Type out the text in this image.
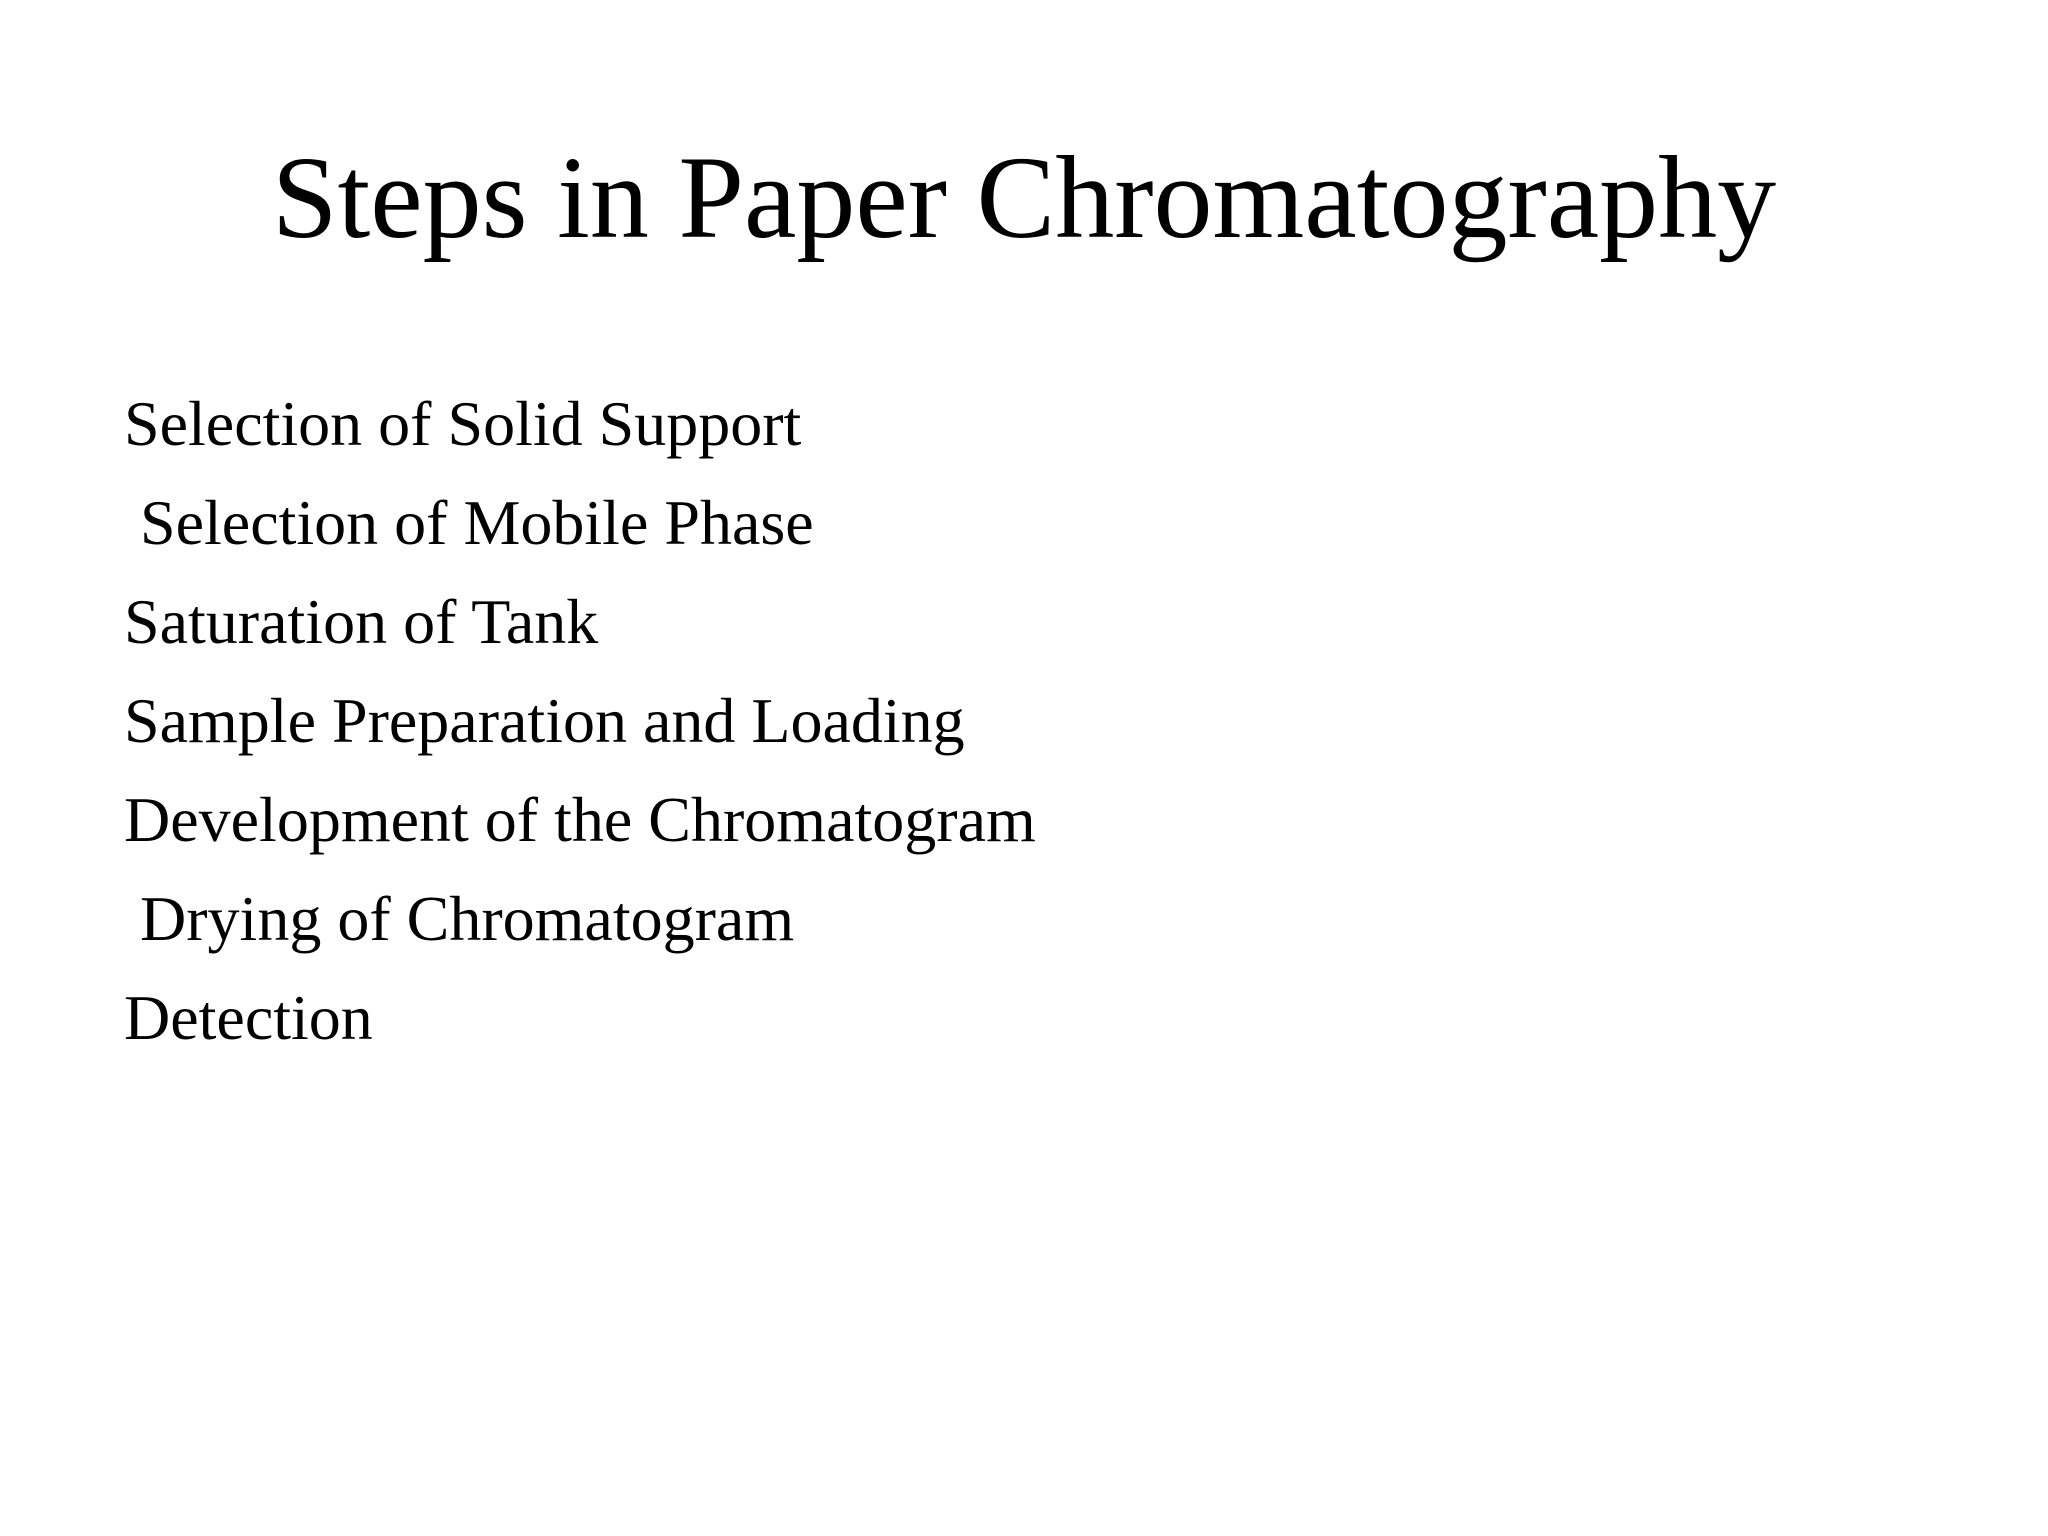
Steps in Paper Chromatography
Selection of Solid Support
Selection of Mobile Phase
Saturation of Tank
Sample Preparation and Loading
Development of the Chromatogram
Drying of Chromatogram
Detection
